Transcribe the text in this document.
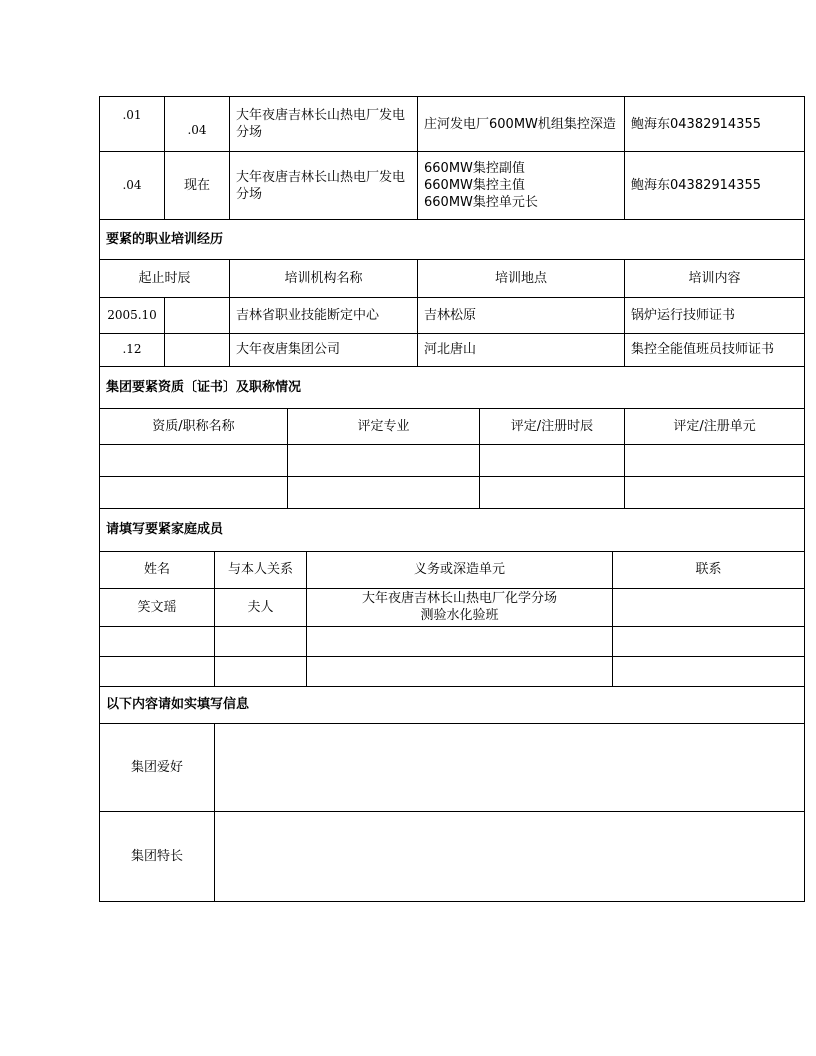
.01	.04	大年夜唐吉林长山热电厂发电分场	庄河发电厂600MW机组集控深造	鲍海东04382914355
.04	现在	大年夜唐吉林长山热电厂发电分场	660MW集控副值
660MW集控主值
660MW集控单元长	鲍海东04382914355
要紧的职业培训经历				
起止时辰		培训机构名称	培训地点	培训内容
2005.10		吉林省职业技能断定中心	吉林松原	锅炉运行技师证书
.12		大年夜唐集团公司	河北唐山	集控全能值班员技师证书
集团要紧资质〔证书〕及职称情况			
资质/职称名称	评定专业	评定/注册时辰	评定/注册单元

请填写要紧家庭成员			
姓名	与本人关系	义务或深造单元	联系
笑文瑶	夫人	大年夜唐吉林长山热电厂化学分场
测验水化验班	

以下内容请如实填写信息	
集团爱好	
集团特长	
